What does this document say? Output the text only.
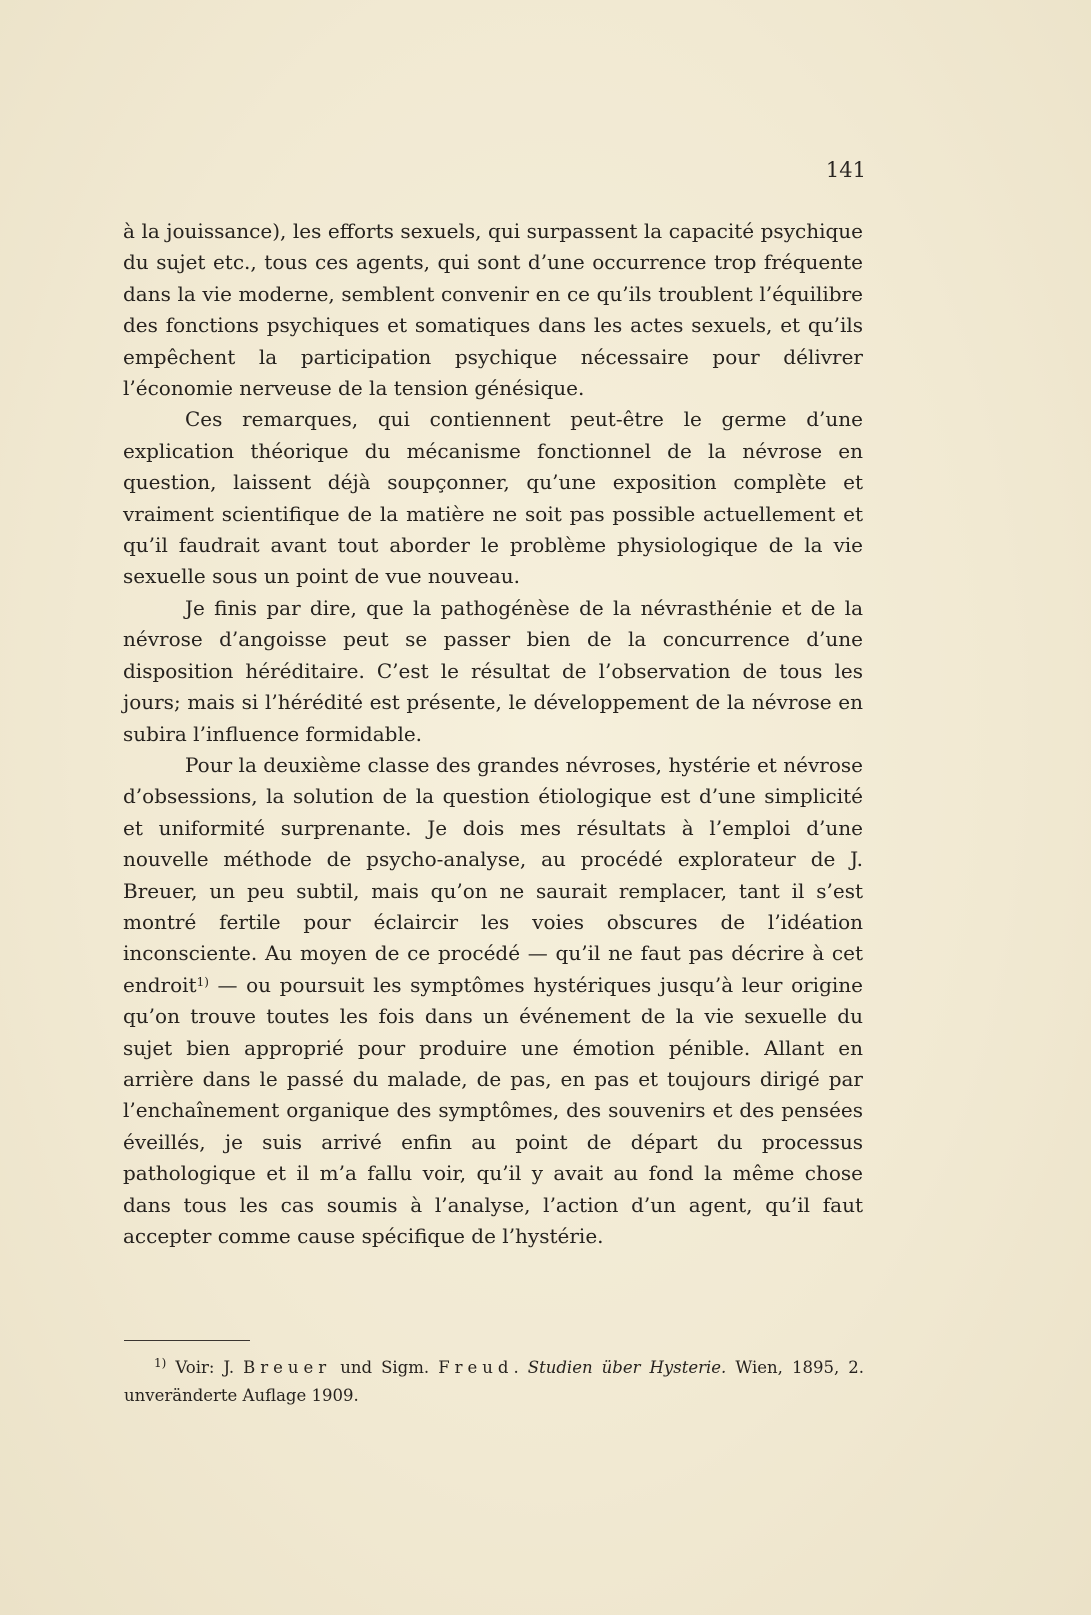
141

à la jouissance), les efforts sexuels, qui surpassent la capacité psychique du sujet etc., tous ces agents, qui sont d’une occurrence trop fréquente dans la vie moderne, semblent convenir en ce qu’ils troublent l’équilibre des fonctions psychiques et somatiques dans les actes sexuels, et qu’ils empêchent la participation psychique nécessaire pour délivrer l’économie nerveuse de la tension génésique.

Ces remarques, qui contiennent peut-être le germe d’une explication théorique du mécanisme fonctionnel de la névrose en question, laissent déjà soupçonner, qu’une exposition complète et vraiment scientifique de la matière ne soit pas possible actuellement et qu’il faudrait avant tout aborder le problème physiologique de la vie sexuelle sous un point de vue nouveau.

Je finis par dire, que la pathogénèse de la névrasthénie et de la névrose d’angoisse peut se passer bien de la concurrence d’une disposition héréditaire. C’est le résultat de l’observation de tous les jours; mais si l’hérédité est présente, le développement de la névrose en subira l’influence formidable.

Pour la deuxième classe des grandes névroses, hystérie et névrose d’obsessions, la solution de la question étiologique est d’une simplicité et uniformité surprenante. Je dois mes résultats à l’emploi d’une nouvelle méthode de psycho-analyse, au procédé explorateur de J. Breuer, un peu subtil, mais qu’on ne saurait remplacer, tant il s’est montré fertile pour éclaircir les voies obscures de l’idéation inconsciente. Au moyen de ce procédé — qu’il ne faut pas décrire à cet endroit$^{1)}$ — ou poursuit les symptômes hystériques jusqu’à leur origine qu’on trouve toutes les fois dans un événement de la vie sexuelle du sujet bien approprié pour produire une émotion pénible. Allant en arrière dans le passé du malade, de pas, en pas et toujours dirigé par l’enchaînement organique des symptômes, des souvenirs et des pensées éveillés, je suis arrivé enfin au point de départ du processus pathologique et il m’a fallu voir, qu’il y avait au fond la même chose dans tous les cas soumis à l’analyse, l’action d’un agent, qu’il faut accepter comme cause spécifique de l’hystérie.

$^{1)}$ Voir: J. Breuer und Sigm. Freud. Studien über Hysterie. Wien, 1895, 2. unveränderte Auflage 1909.
